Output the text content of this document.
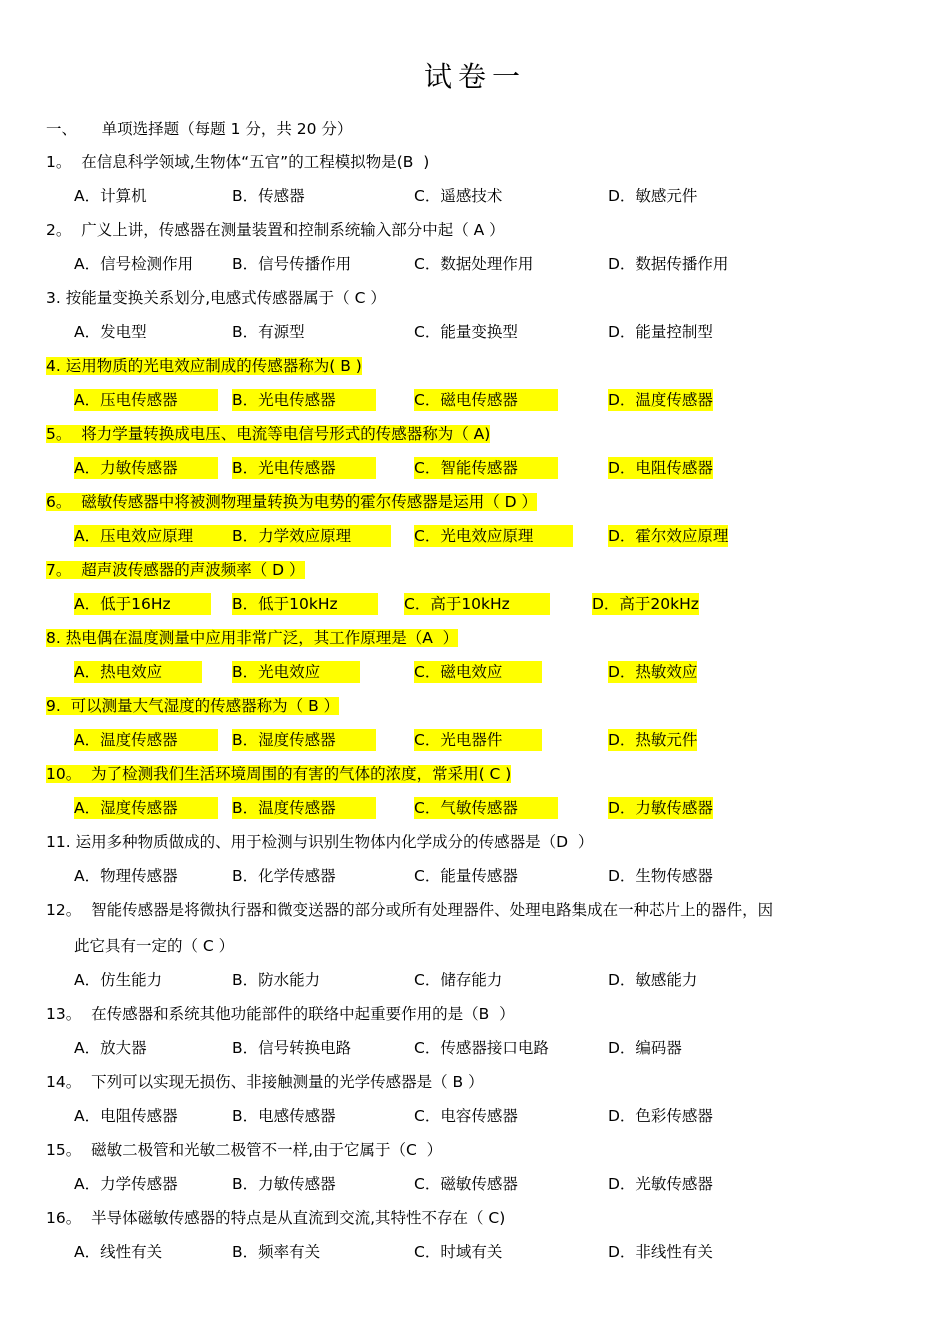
试卷一
一、     单项选择题（每题 1 分，共 20 分）
1。  在信息科学领域,生物体“五官”的工程模拟物是(B  )
A．计算机	B．传感器	C．遥感技术	D．敏感元件
2。  广义上讲，传感器在测量装置和控制系统输入部分中起（ A ）
A．信号检测作用	B．信号传播作用	C．数据处理作用	D．数据传播作用
3. 按能量变换关系划分,电感式传感器属于（ C ）
A．发电型	B．有源型	C．能量变换型	D．能量控制型
4. 运用物质的光电效应制成的传感器称为( B )
A．压电传感器	B．光电传感器	C．磁电传感器	D．温度传感器
5。  将力学量转换成电压、电流等电信号形式的传感器称为（ A)
A．力敏传感器	B．光电传感器	C．智能传感器	D．电阻传感器
6。  磁敏传感器中将被测物理量转换为电势的霍尔传感器是运用（ D ）
A．压电效应原理	B．力学效应原理	C．光电效应原理	D．霍尔效应原理
7。  超声波传感器的声波频率（ D ）
A．低于16Hz	B．低于10kHz	C．高于10kHz	D．高于20kHz
8. 热电偶在温度测量中应用非常广泛，其工作原理是（A  ）
A．热电效应	B．光电效应	C．磁电效应	D．热敏效应
9.  可以测量大气湿度的传感器称为（ B ）
A．温度传感器	B．湿度传感器	C．光电器件	D．热敏元件
10。  为了检测我们生活环境周围的有害的气体的浓度，常采用( C )
A．湿度传感器	B．温度传感器	C．气敏传感器	D．力敏传感器
11. 运用多种物质做成的、用于检测与识别生物体内化学成分的传感器是（D  ）
A．物理传感器	B．化学传感器	C．能量传感器	D．生物传感器
12。  智能传感器是将微执行器和微变送器的部分或所有处理器件、处理电路集成在一种芯片上的器件，因
此它具有一定的（ C ）
A．仿生能力	B．防水能力	C．储存能力	D．敏感能力
13。  在传感器和系统其他功能部件的联络中起重要作用的是（B  ）
A．放大器	B．信号转换电路	C．传感器接口电路	D．编码器
14。  下列可以实现无损伤、非接触测量的光学传感器是（ B ）
A．电阻传感器	B．电感传感器	C．电容传感器	D．色彩传感器
15。  磁敏二极管和光敏二极管不一样,由于它属于（C  ）
A．力学传感器	B．力敏传感器	C．磁敏传感器	D．光敏传感器
16。  半导体磁敏传感器的特点是从直流到交流,其特性不存在（ C)
A．线性有关	B．频率有关	C．时域有关	D．非线性有关
